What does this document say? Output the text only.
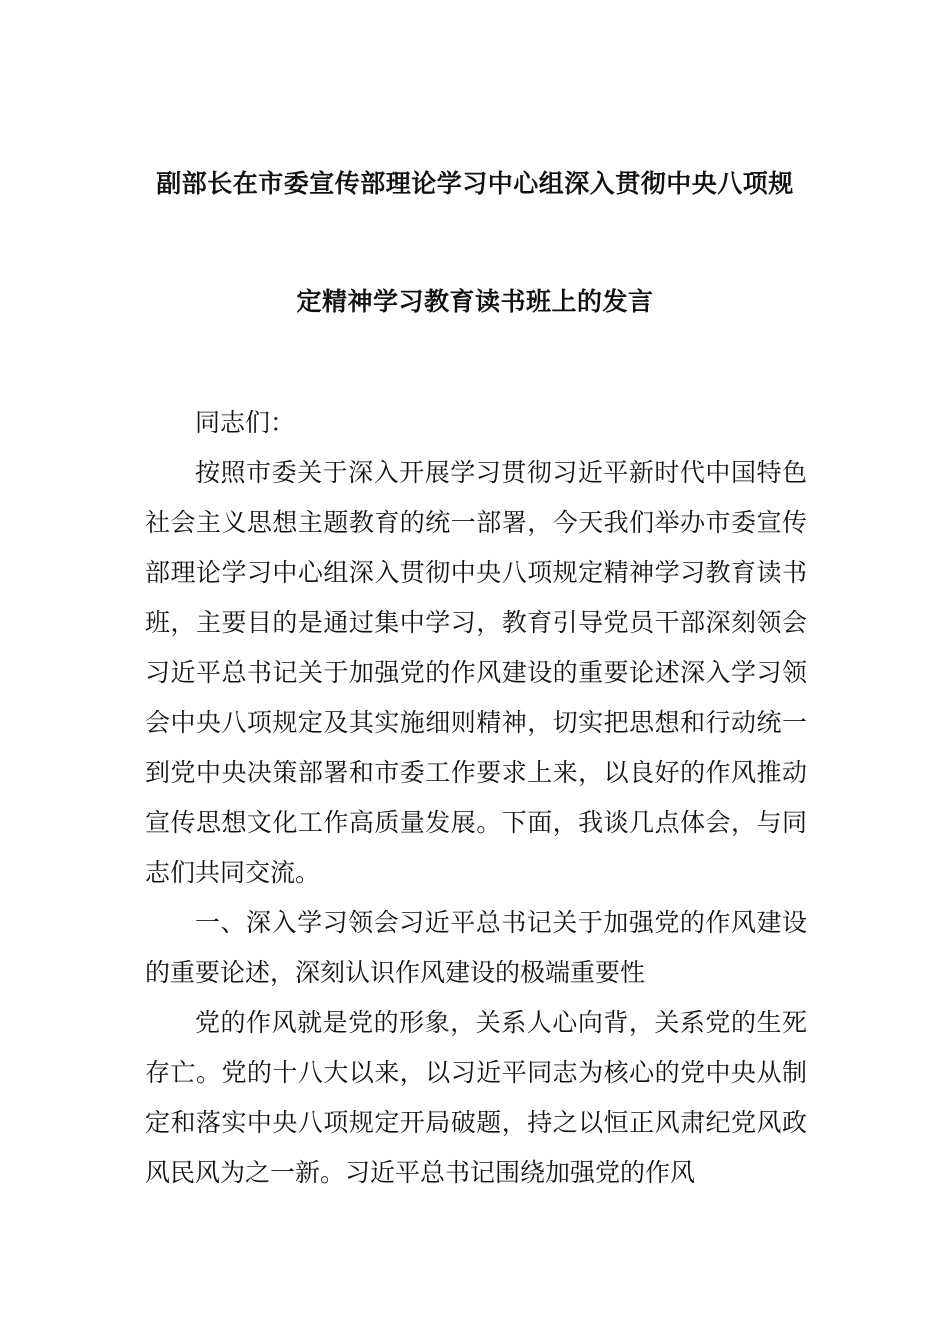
副部长在市委宣传部理论学习中心组深入贯彻中央八项规
定精神学习教育读书班上的发言

同志们：

按照市委关于深入开展学习贯彻习近平新时代中国特色社会主义思想主题教育的统一部署，今天我们举办市委宣传部理论学习中心组深入贯彻中央八项规定精神学习教育读书班，主要目的是通过集中学习，教育引导党员干部深刻领会习近平总书记关于加强党的作风建设的重要论述深入学习领会中央八项规定及其实施细则精神，切实把思想和行动统一到党中央决策部署和市委工作要求上来，以良好的作风推动宣传思想文化工作高质量发展。下面，我谈几点体会，与同志们共同交流。

一、深入学习领会习近平总书记关于加强党的作风建设的重要论述，深刻认识作风建设的极端重要性

党的作风就是党的形象，关系人心向背，关系党的生死存亡。党的十八大以来，以习近平同志为核心的党中央从制定和落实中央八项规定开局破题，持之以恒正风肃纪党风政风民风为之一新。习近平总书记围绕加强党的作风
